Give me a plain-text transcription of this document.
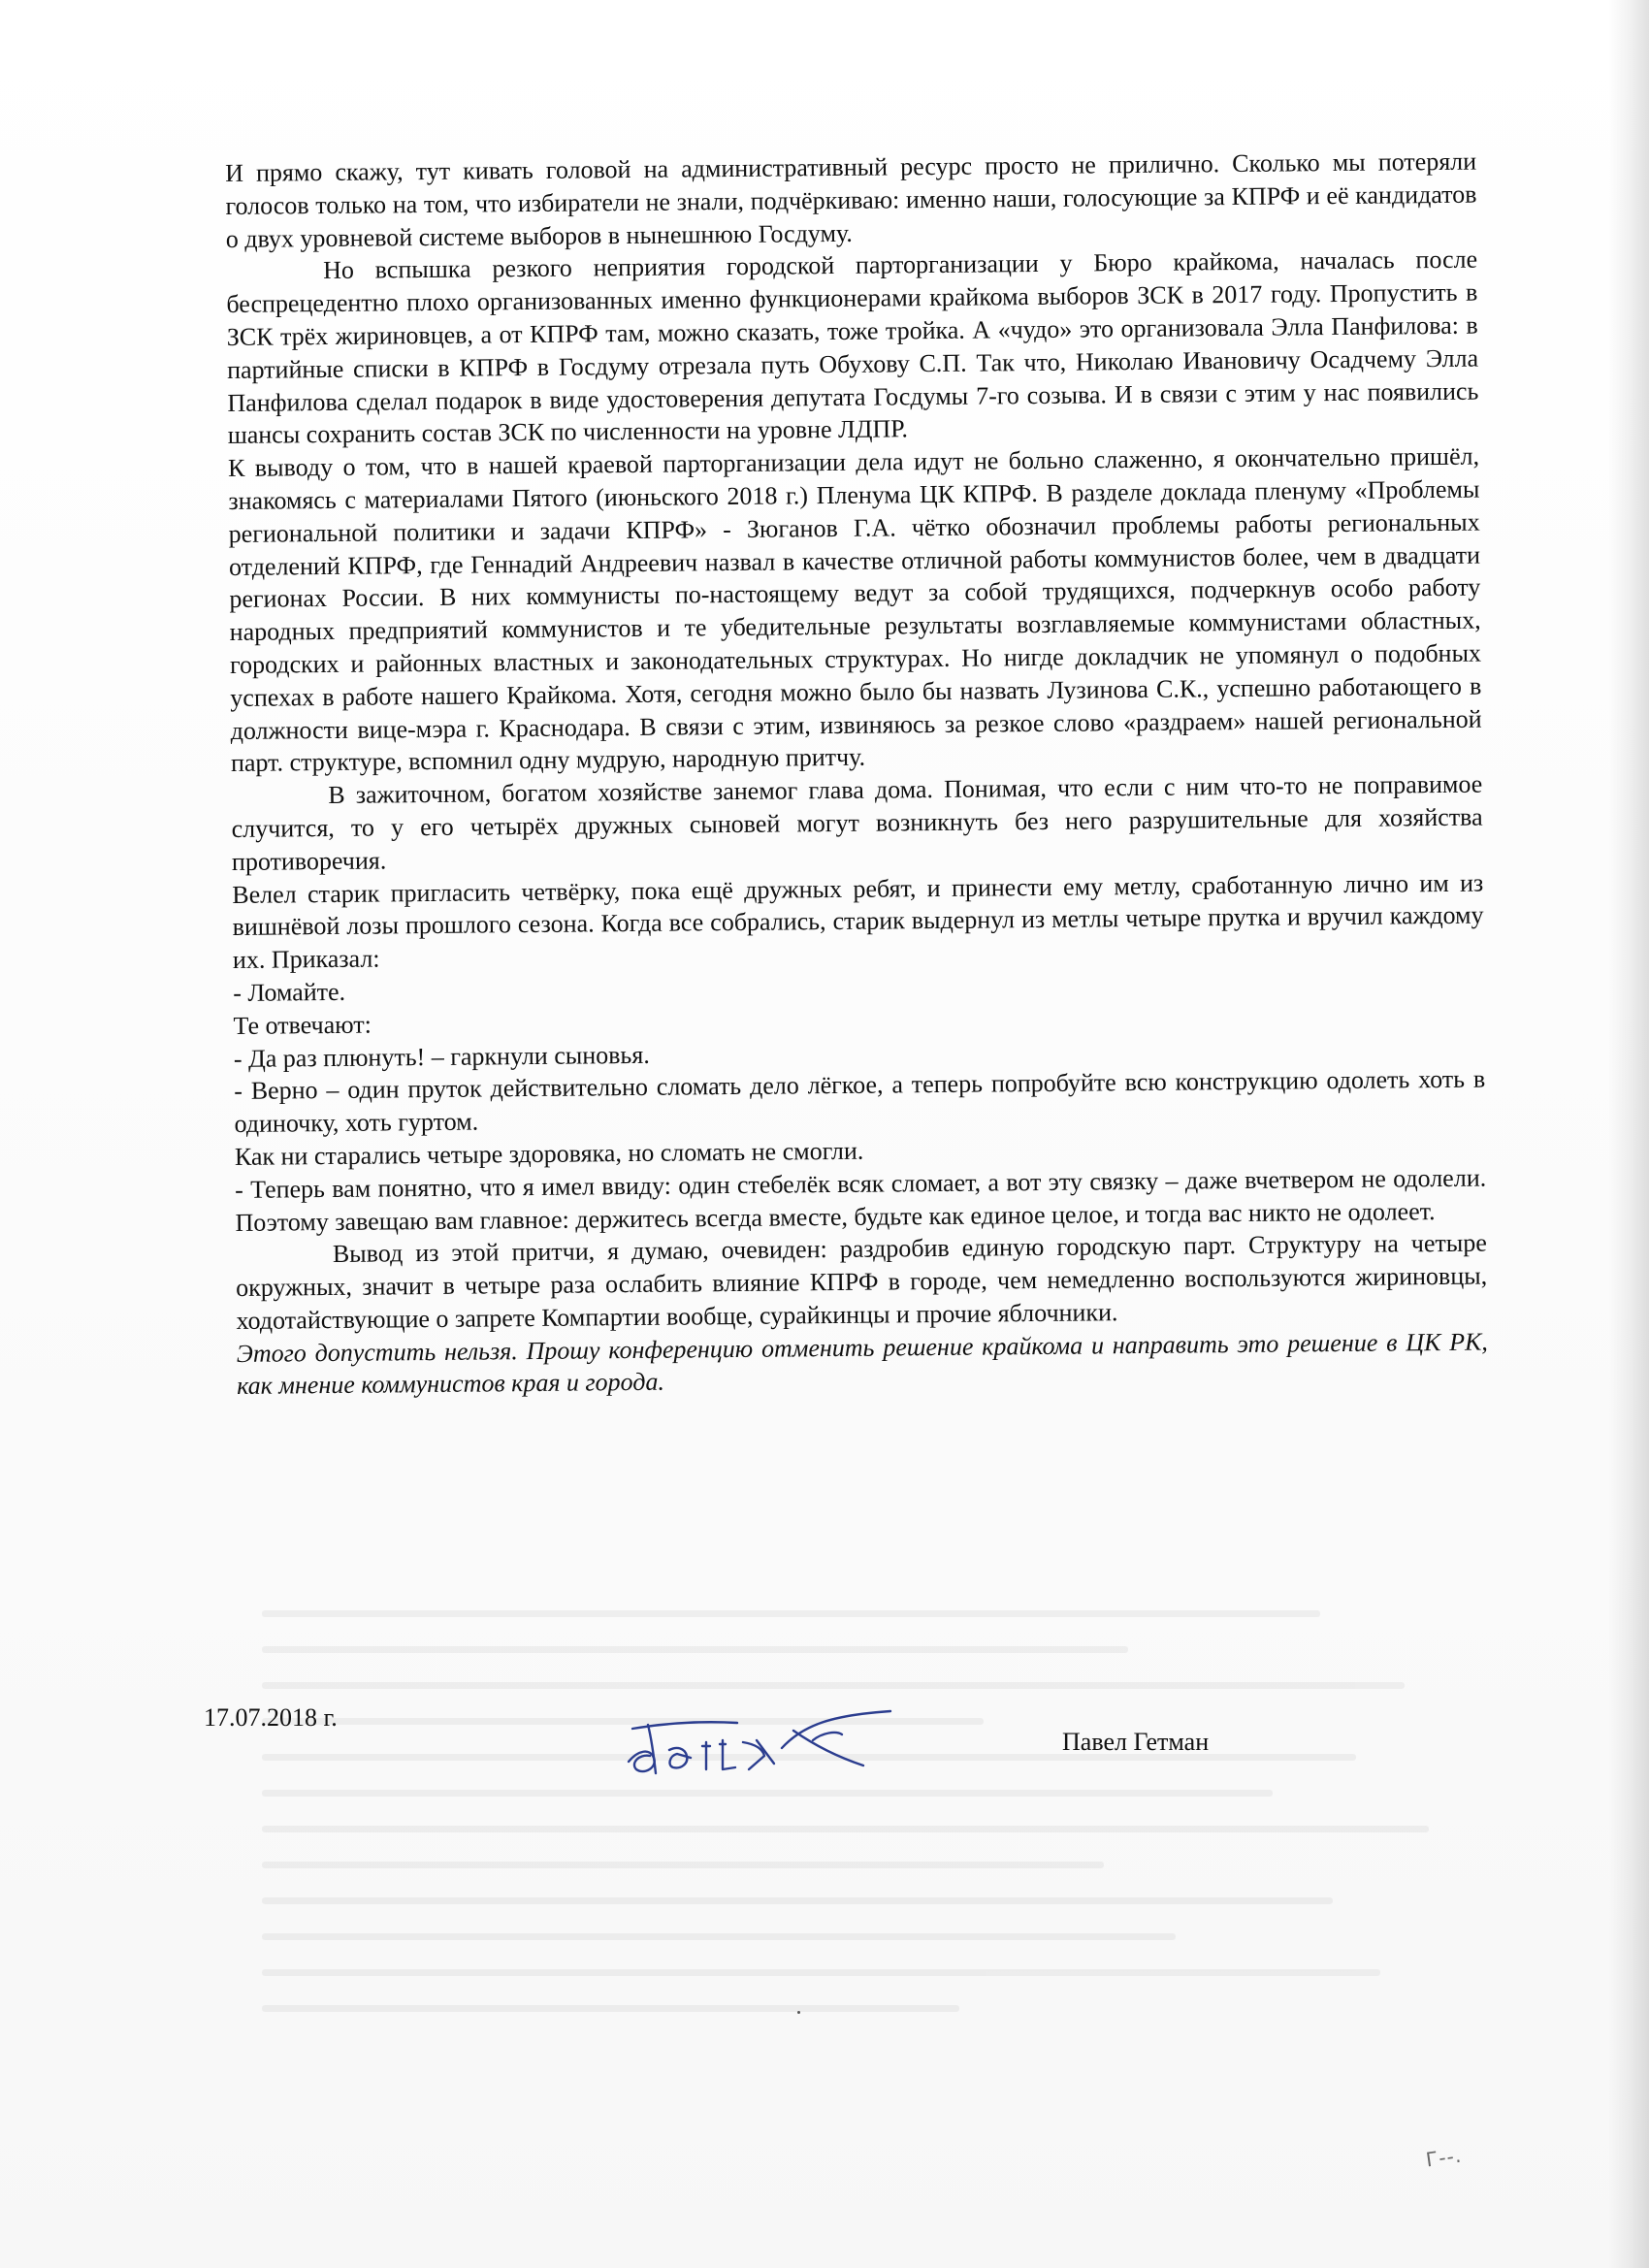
И прямо скажу, тут кивать головой на административный ресурс просто не прилично. Сколько мы потеряли голосов только на том, что избиратели не знали, подчёркиваю: именно наши, голосующие за КПРФ и её кандидатов о двух уровневой системе выборов в нынешнюю Госдуму.

Но вспышка резкого неприятия городской парторганизации у Бюро крайкома, началась после беспрецедентно плохо организованных именно функционерами крайкома выборов ЗСК в 2017 году. Пропустить в ЗСК трёх жириновцев, а от КПРФ там, можно сказать, тоже тройка. А «чудо» это организовала Элла Панфилова: в партийные списки в КПРФ в Госдуму отрезала путь Обухову С.П. Так что, Николаю Ивановичу Осадчему Элла Панфилова сделал подарок в виде удостоверения депутата Госдумы 7-го созыва. И в связи с этим у нас появились шансы сохранить состав ЗСК по численности на уровне ЛДПР.

К выводу о том, что в нашей краевой парторганизации дела идут не больно слаженно, я окончательно пришёл, знакомясь с материалами Пятого (июньского 2018 г.) Пленума ЦК КПРФ. В разделе доклада пленуму «Проблемы региональной политики и задачи КПРФ» - Зюганов Г.А. чётко обозначил проблемы работы региональных отделений КПРФ, где Геннадий Андреевич назвал в качестве отличной работы коммунистов более, чем в двадцати регионах России. В них коммунисты по-настоящему ведут за собой трудящихся, подчеркнув особо работу народных предприятий коммунистов и те убедительные результаты возглавляемые коммунистами областных, городских и районных властных и законодательных структурах. Но нигде докладчик не упомянул о подобных успехах в работе нашего Крайкома. Хотя, сегодня можно было бы назвать Лузинова С.К., успешно работающего в должности вице-мэра г. Краснодара. В связи с этим, извиняюсь за резкое слово «раздраем» нашей региональной парт. структуре, вспомнил одну мудрую, народную притчу.

В зажиточном, богатом хозяйстве занемог глава дома. Понимая, что если с ним что-то не поправимое случится, то у его четырёх дружных сыновей могут возникнуть без него разрушительные для хозяйства противоречия.

Велел старик пригласить четвёрку, пока ещё дружных ребят, и принести ему метлу, сработанную лично им из вишнёвой лозы прошлого сезона. Когда все собрались, старик выдернул из метлы четыре прутка и вручил каждому их. Приказал:

- Ломайте.

Те отвечают:

- Да раз плюнуть! – гаркнули сыновья.

- Верно – один пруток действительно сломать дело лёгкое, а теперь попробуйте всю конструкцию одолеть хоть в одиночку, хоть гуртом.

Как ни старались четыре здоровяка, но сломать не смогли.

- Теперь вам понятно, что я имел ввиду: один стебелёк всяк сломает, а вот эту связку – даже вчетвером не одолели. Поэтому завещаю вам главное: держитесь всегда вместе, будьте как единое целое, и тогда вас никто не одолеет.

Вывод из этой притчи, я думаю, очевиден: раздробив единую городскую парт. Структуру на четыре окружных, значит в четыре раза ослабить влияние КПРФ в городе, чем немедленно воспользуются жириновцы, ходотайствующие о запрете Компартии вообще, сурайкинцы и прочие яблочники.

Этого допустить нельзя. Прошу конференцию отменить решение крайкома и направить это решение в ЦК РК, как мнение коммунистов края и города.

17.07.2018 г.
Павел Гетман
Г--.
